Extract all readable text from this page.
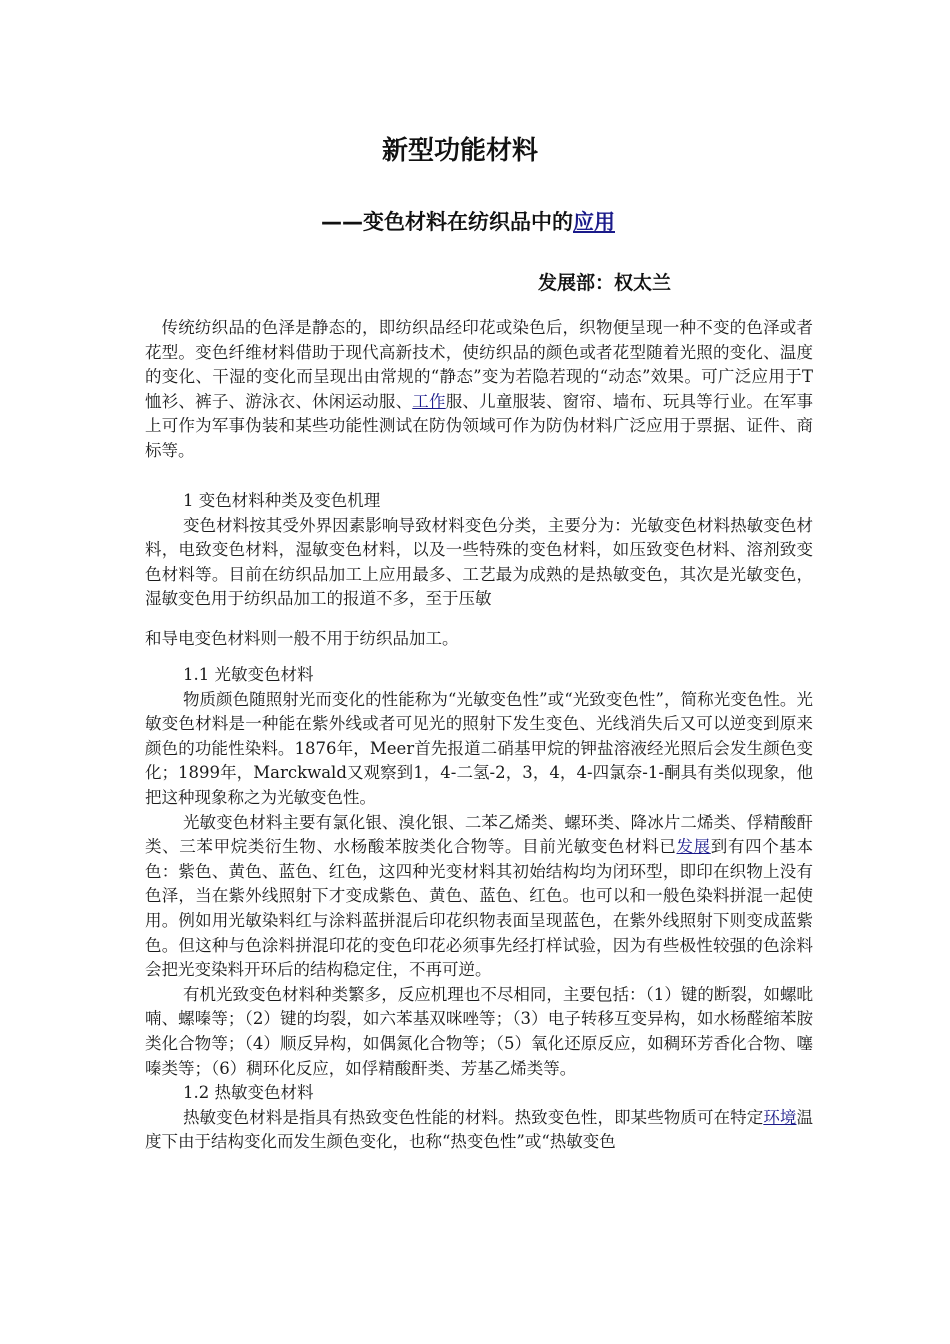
新型功能材料
——变色材料在纺织品中的应用
发展部：权太兰

传统纺织品的色泽是静态的，即纺织品经印花或染色后，织物便呈现一种不变的色泽或者花型。变色纤维材料借助于现代高新技术，使纺织品的颜色或者花型随着光照的变化、温度的变化、干湿的变化而呈现出由常规的“静态”变为若隐若现的“动态”效果。可广泛应用于T恤衫、裤子、游泳衣、休闲运动服、工作服、儿童服装、窗帘、墙布、玩具等行业。在军事上可作为军事伪装和某些功能性测试在防伪领域可作为防伪材料广泛应用于票据、证件、商标等。

1 变色材料种类及变色机理

变色材料按其受外界因素影响导致材料变色分类，主要分为：光敏变色材料热敏变色材料，电致变色材料，湿敏变色材料，以及一些特殊的变色材料，如压致变色材料、溶剂致变色材料等。目前在纺织品加工上应用最多、工艺最为成熟的是热敏变色，其次是光敏变色，湿敏变色用于纺织品加工的报道不多，至于压敏

和导电变色材料则一般不用于纺织品加工。

1.1 光敏变色材料

物质颜色随照射光而变化的性能称为“光敏变色性”或“光致变色性”，简称光变色性。光敏变色材料是一种能在紫外线或者可见光的照射下发生变色、光线消失后又可以逆变到原来颜色的功能性染料。1876年，Meer首先报道二硝基甲烷的钾盐溶液经光照后会发生颜色变化；1899年，Marckwald又观察到1，4-二氢-2，3，4，4-四氯奈-1-酮具有类似现象，他把这种现象称之为光敏变色性。

光敏变色材料主要有氯化银、溴化银、二苯乙烯类、螺环类、降冰片二烯类、俘精酸酐类、三苯甲烷类衍生物、水杨酸苯胺类化合物等。目前光敏变色材料已发展到有四个基本色：紫色、黄色、蓝色、红色，这四种光变材料其初始结构均为闭环型，即印在织物上没有色泽，当在紫外线照射下才变成紫色、黄色、蓝色、红色。也可以和一般色染料拼混一起使用。例如用光敏染料红与涂料蓝拼混后印花织物表面呈现蓝色，在紫外线照射下则变成蓝紫色。但这种与色涂料拼混印花的变色印花必须事先经打样试验，因为有些极性较强的色涂料会把光变染料开环后的结构稳定住，不再可逆。

有机光致变色材料种类繁多，反应机理也不尽相同，主要包括：（1）键的断裂，如螺吡喃、螺嗪等；（2）键的均裂，如六苯基双咪唑等；（3）电子转移互变异构，如水杨醛缩苯胺类化合物等；（4）顺反异构，如偶氮化合物等；（5）氧化还原反应，如稠环芳香化合物、噻嗪类等；（6）稠环化反应，如俘精酸酐类、芳基乙烯类等。

1.2 热敏变色材料

热敏变色材料是指具有热致变色性能的材料。热致变色性，即某些物质可在特定环境温度下由于结构变化而发生颜色变化，也称“热变色性”或“热敏变色
